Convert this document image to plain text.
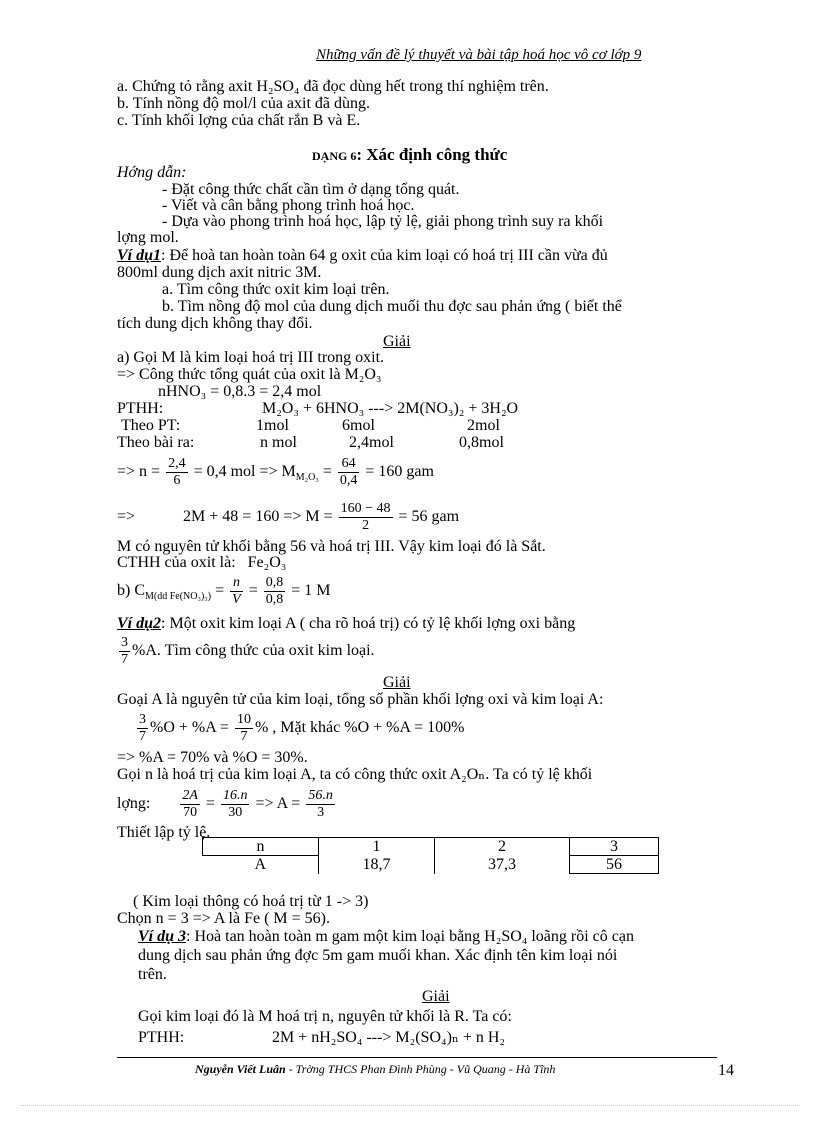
Những vấn đề lý thuyết và bài tập hoá học vô cơ lớp 9
a. Chứng tỏ rằng axit H₂SO₄ đã đọc dùng hết trong thí nghiệm trên.
b. Tính nồng độ mol/l của axit đã dùng.
c. Tính khối lợng của chất rắn B và E.
DẠNG 6: Xác định công thức
Hớng dẫn:
- Đặt công thức chất cần tìm ở dạng tổng quát.
- Viết và cân bằng phong trình hoá học.
- Dựa vào phong trình hoá học, lập tỷ lệ, giải phong trình suy ra khối
lợng mol.
Ví dụ1: Để hoà tan hoàn toàn 64 g oxit của kim loại có hoá trị III cần vừa đủ
800ml dung dịch axit nitric 3M.
a. Tìm công thức oxit kim loại trên.
b. Tìm nồng độ mol của dung dịch muối thu đợc sau phản ứng ( biết thể
tích dung dịch không thay đổi.
Giải
a) Gọi M là kim loại hoá trị III trong oxit.
=> Công thức tổng quát của oxit là M₂O₃
nHNO₃ = 0,8.3 = 2,4 mol
PTHH:	M₂O₃ + 6HNO₃ ---> 2M(NO₃)₂ + 3H₂O
Theo PT:	1mol	6mol	2mol
Theo bài ra:	n mol	2,4mol	0,8mol
=> $n = \frac{2,4}{6} = 0,4$ mol => $M_{M_2O_3} = \frac{64}{0,4} = 160$ gam
=>	$2M + 48 = 160 => M = \frac{160 - 48}{2} = 56$ gam
M có nguyên tử khối bằng 56 và hoá trị III. Vậy kim loại đó là Sắt.
CTHH của oxit là: Fe₂O₃
b) $C_{M(dd Fe(NO_3)_3)} = \frac{n}{V} = \frac{0,8}{0,8} = 1$ M
Ví dụ2: Một oxit kim loại A ( cha rõ hoá trị) có tỷ lệ khối lợng oxi bằng
$\frac{3}{7} \%A$. Tìm công thức của oxit kim loại.
Giải
Goại A là nguyên tử của kim loại, tổng số phần khối lợng oxi và kim loại A:
$\frac{3}{7} \%O + \%A = \frac{10}{7}$ % , Mặt khác %O + %A = 100%
=> %A = 70% và %O = 30%.
Gọi n là hoá trị của kim loại A, ta có công thức oxit A₂Oₙ. Ta có tỷ lệ khối
lợng: $\frac{2A}{70} = \frac{16.n}{30} => A = \frac{56.n}{3}$
Thiết lập tỷ lệ.
n	1	2	3
A	18,7	37,3	56
( Kim loại thông có hoá trị từ 1 -> 3)
Chọn n = 3 => A là Fe ( M = 56).
Ví dụ 3: Hoà tan hoàn toàn m gam một kim loại bằng H₂SO₄ loãng rồi cô cạn
dung dịch sau phản ứng đợc 5m gam muối khan. Xác định tên kim loại nói
trên.
Giải
Gọi kim loại đó là M hoá trị n, nguyên tử khối là R. Ta có:
PTHH:	2M + nH₂SO₄ ---> M₂(SO₄)ₙ + n H₂
Nguyễn Viết Luân - Trờng THCS Phan Đình Phùng - Vũ Quang - Hà Tĩnh	14
